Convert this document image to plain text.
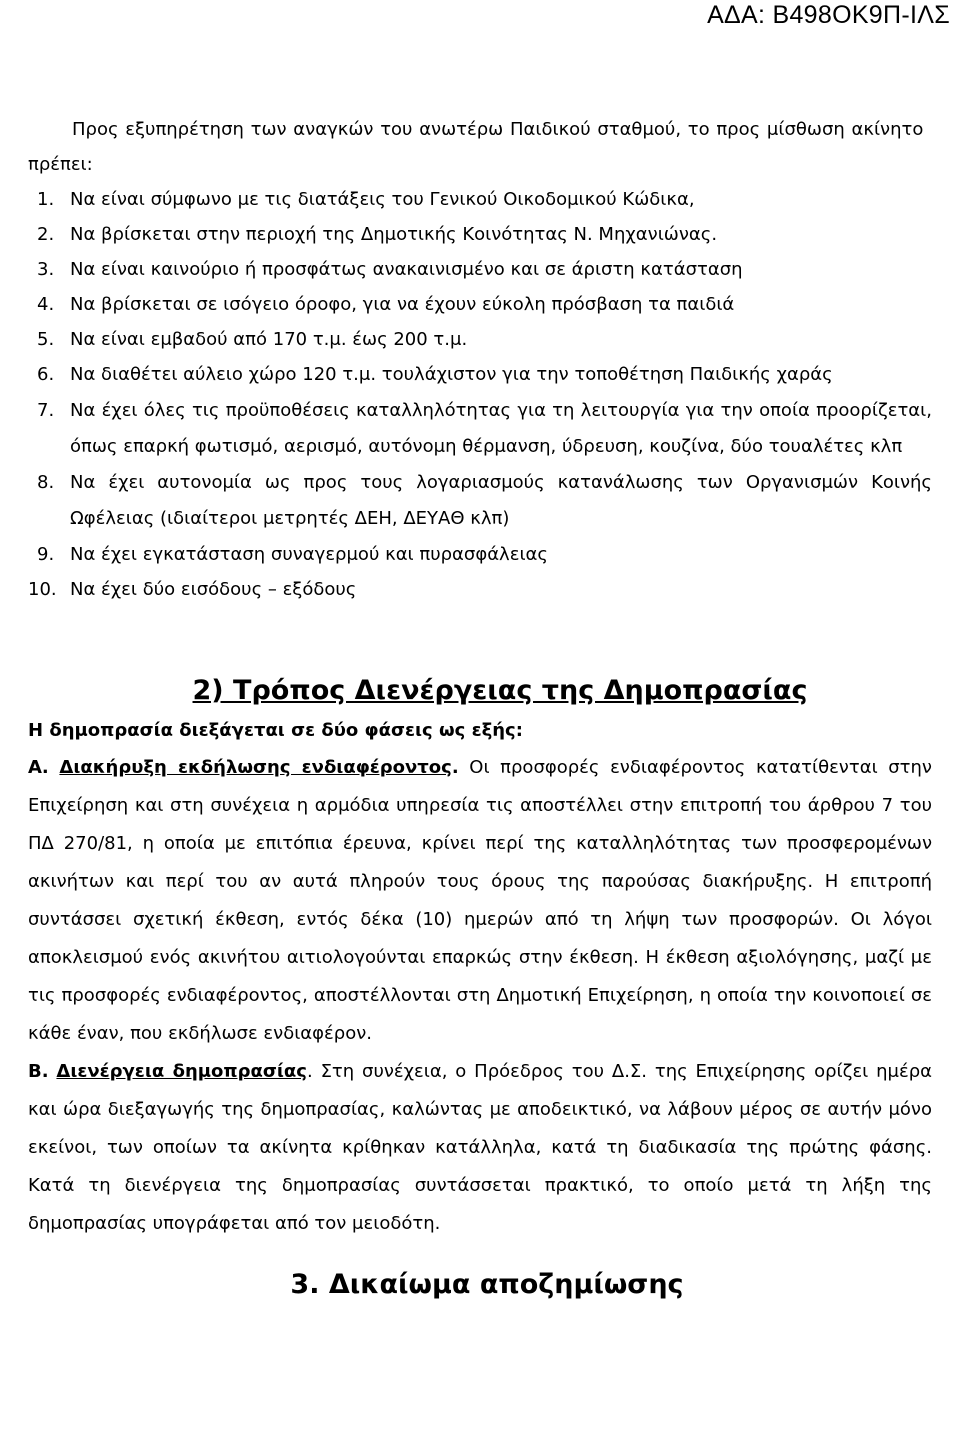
ΑΔΑ: Β498ΟΚ9Π-ΙΛΣ

Προς εξυπηρέτηση των αναγκών του ανωτέρω Παιδικού σταθμού, το προς μίσθωση ακίνητο πρέπει:

1. Να είναι σύμφωνο με τις διατάξεις του Γενικού Οικοδομικού Κώδικα,
2. Να βρίσκεται στην περιοχή της Δημοτικής Κοινότητας Ν. Μηχανιώνας.
3. Να είναι καινούριο ή προσφάτως ανακαινισμένο και σε άριστη κατάσταση
4. Να βρίσκεται σε ισόγειο όροφο, για να έχουν εύκολη πρόσβαση τα παιδιά
5. Να είναι εμβαδού από 170 τ.μ. έως 200 τ.μ.
6. Να διαθέτει αύλειο χώρο 120 τ.μ. τουλάχιστον για την τοποθέτηση Παιδικής χαράς
7. Να έχει όλες τις προϋποθέσεις καταλληλότητας για τη λειτουργία για την οποία προορίζεται, όπως επαρκή φωτισμό, αερισμό, αυτόνομη θέρμανση, ύδρευση, κουζίνα, δύο τουαλέτες κλπ
8. Να έχει αυτονομία ως προς τους λογαριασμούς κατανάλωσης των Οργανισμών Κοινής Ωφέλειας (ιδιαίτεροι μετρητές ΔΕΗ, ΔΕΥΑΘ κλπ)
9. Να έχει εγκατάσταση συναγερμού και πυρασφάλειας
10. Να έχει δύο εισόδους – εξόδους
2) Τρόπος Διενέργειας της Δημοπρασίας

Η δημοπρασία διεξάγεται σε δύο φάσεις ως εξής:

Α. Διακήρυξη εκδήλωσης ενδιαφέροντος. Οι προσφορές ενδιαφέροντος κατατίθενται στην Επιχείρηση και στη συνέχεια η αρμόδια υπηρεσία τις αποστέλλει στην επιτροπή του άρθρου 7 του ΠΔ 270/81, η οποία με επιτόπια έρευνα, κρίνει περί της καταλληλότητας των προσφερομένων ακινήτων και περί του αν αυτά πληρούν τους όρους της παρούσας διακήρυξης. Η επιτροπή συντάσσει σχετική έκθεση, εντός δέκα (10) ημερών από τη λήψη των προσφορών. Οι λόγοι αποκλεισμού ενός ακινήτου αιτιολογούνται επαρκώς στην έκθεση. Η έκθεση αξιολόγησης, μαζί με τις προσφορές ενδιαφέροντος, αποστέλλονται στη Δημοτική Επιχείρηση, η οποία την κοινοποιεί σε κάθε έναν, που εκδήλωσε ενδιαφέρον.

Β. Διενέργεια δημοπρασίας. Στη συνέχεια, ο Πρόεδρος του Δ.Σ. της Επιχείρησης ορίζει ημέρα και ώρα διεξαγωγής της δημοπρασίας, καλώντας με αποδεικτικό, να λάβουν μέρος σε αυτήν μόνο εκείνοι, των οποίων τα ακίνητα κρίθηκαν κατάλληλα, κατά τη διαδικασία της πρώτης φάσης. Κατά τη διενέργεια της δημοπρασίας συντάσσεται πρακτικό, το οποίο μετά τη λήξη της δημοπρασίας υπογράφεται από τον μειοδότη.

3. Δικαίωμα αποζημίωσης
